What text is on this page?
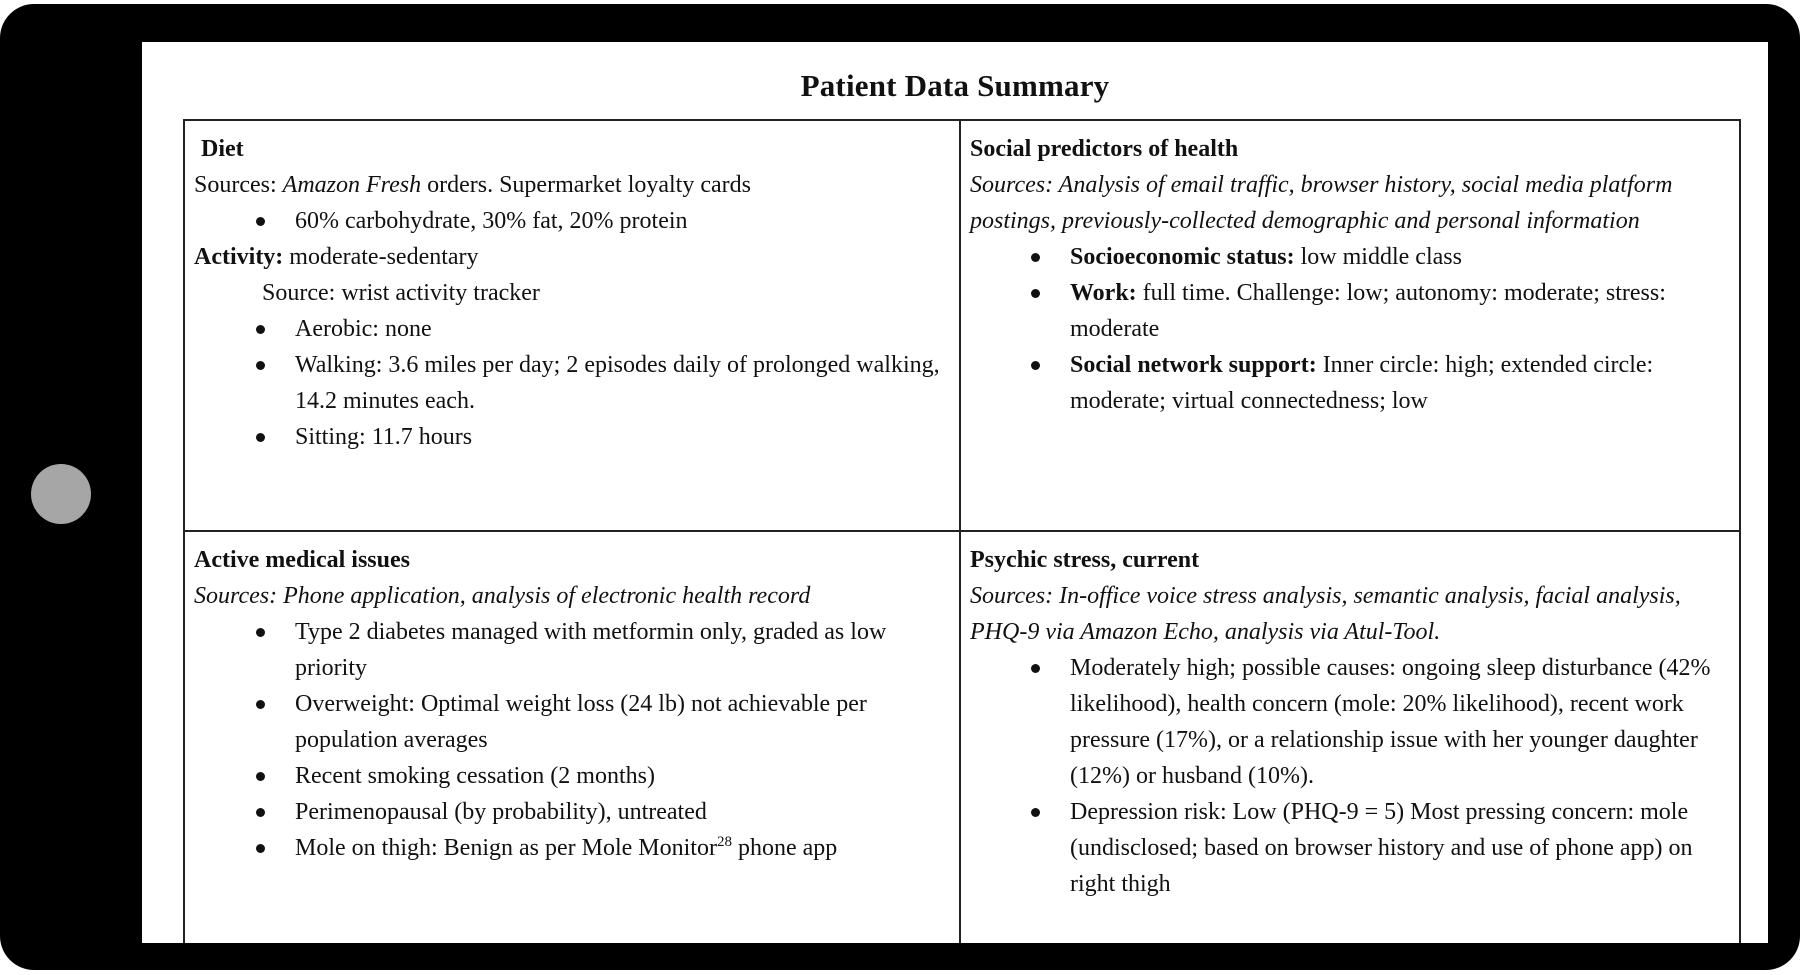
Patient Data Summary

Diet

Sources: Amazon Fresh orders. Supermarket loyalty cards

60% carbohydrate, 30% fat, 20% protein

Activity: moderate-sedentary

Source: wrist activity tracker

Aerobic: none
Walking: 3.6 miles per day; 2 episodes daily of prolonged walking, 14.2 minutes each.
Sitting: 11.7 hours

Social predictors of health

Sources: Analysis of email traffic, browser history, social media platform postings, previously-collected demographic and personal information

Socioeconomic status: low middle class
Work: full time. Challenge: low; autonomy: moderate; stress: moderate
Social network support: Inner circle: high; extended circle: moderate; virtual connectedness; low

Active medical issues

Sources: Phone application, analysis of electronic health record

Type 2 diabetes managed with metformin only, graded as low priority
Overweight: Optimal weight loss (24 lb) not achievable per population averages
Recent smoking cessation (2 months)
Perimenopausal (by probability), untreated
Mole on thigh: Benign as per Mole Monitor$^{28}$ phone app

Psychic stress, current

Sources: In-office voice stress analysis, semantic analysis, facial analysis, PHQ-9 via Amazon Echo, analysis via Atul-Tool.

Moderately high; possible causes: ongoing sleep disturbance (42% likelihood), health concern (mole: 20% likelihood), recent work pressure (17%), or a relationship issue with her younger daughter (12%) or husband (10%).
Depression risk: Low (PHQ-9 = 5) Most pressing concern: mole (undisclosed; based on browser history and use of phone app) on right thigh
